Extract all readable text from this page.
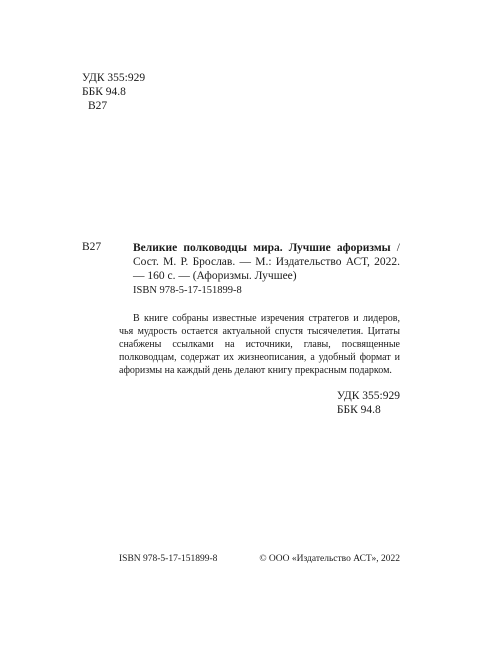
УДК 355:929
ББК 94.8
В27
В27	Великие полководцы мира. Лучшие афоризмы / Сост. М. Р. Брослав. — М.: Издательство АСТ, 2022. — 160 с. — (Афоризмы. Лучшее)
ISBN 978-5-17-151899-8

В книге собраны известные изречения стратегов и лидеров, чья мудрость остается актуальной спустя тысячелетия. Цитаты снабжены ссылками на источники, главы, посвященные полководцам, содержат их жизнеописания, а удобный формат и афоризмы на каждый день делают книгу прекрасным подарком.

УДК 355:929
ББК 94.8
ISBN 978-5-17-151899-8	© ООО «Издательство АСТ», 2022
